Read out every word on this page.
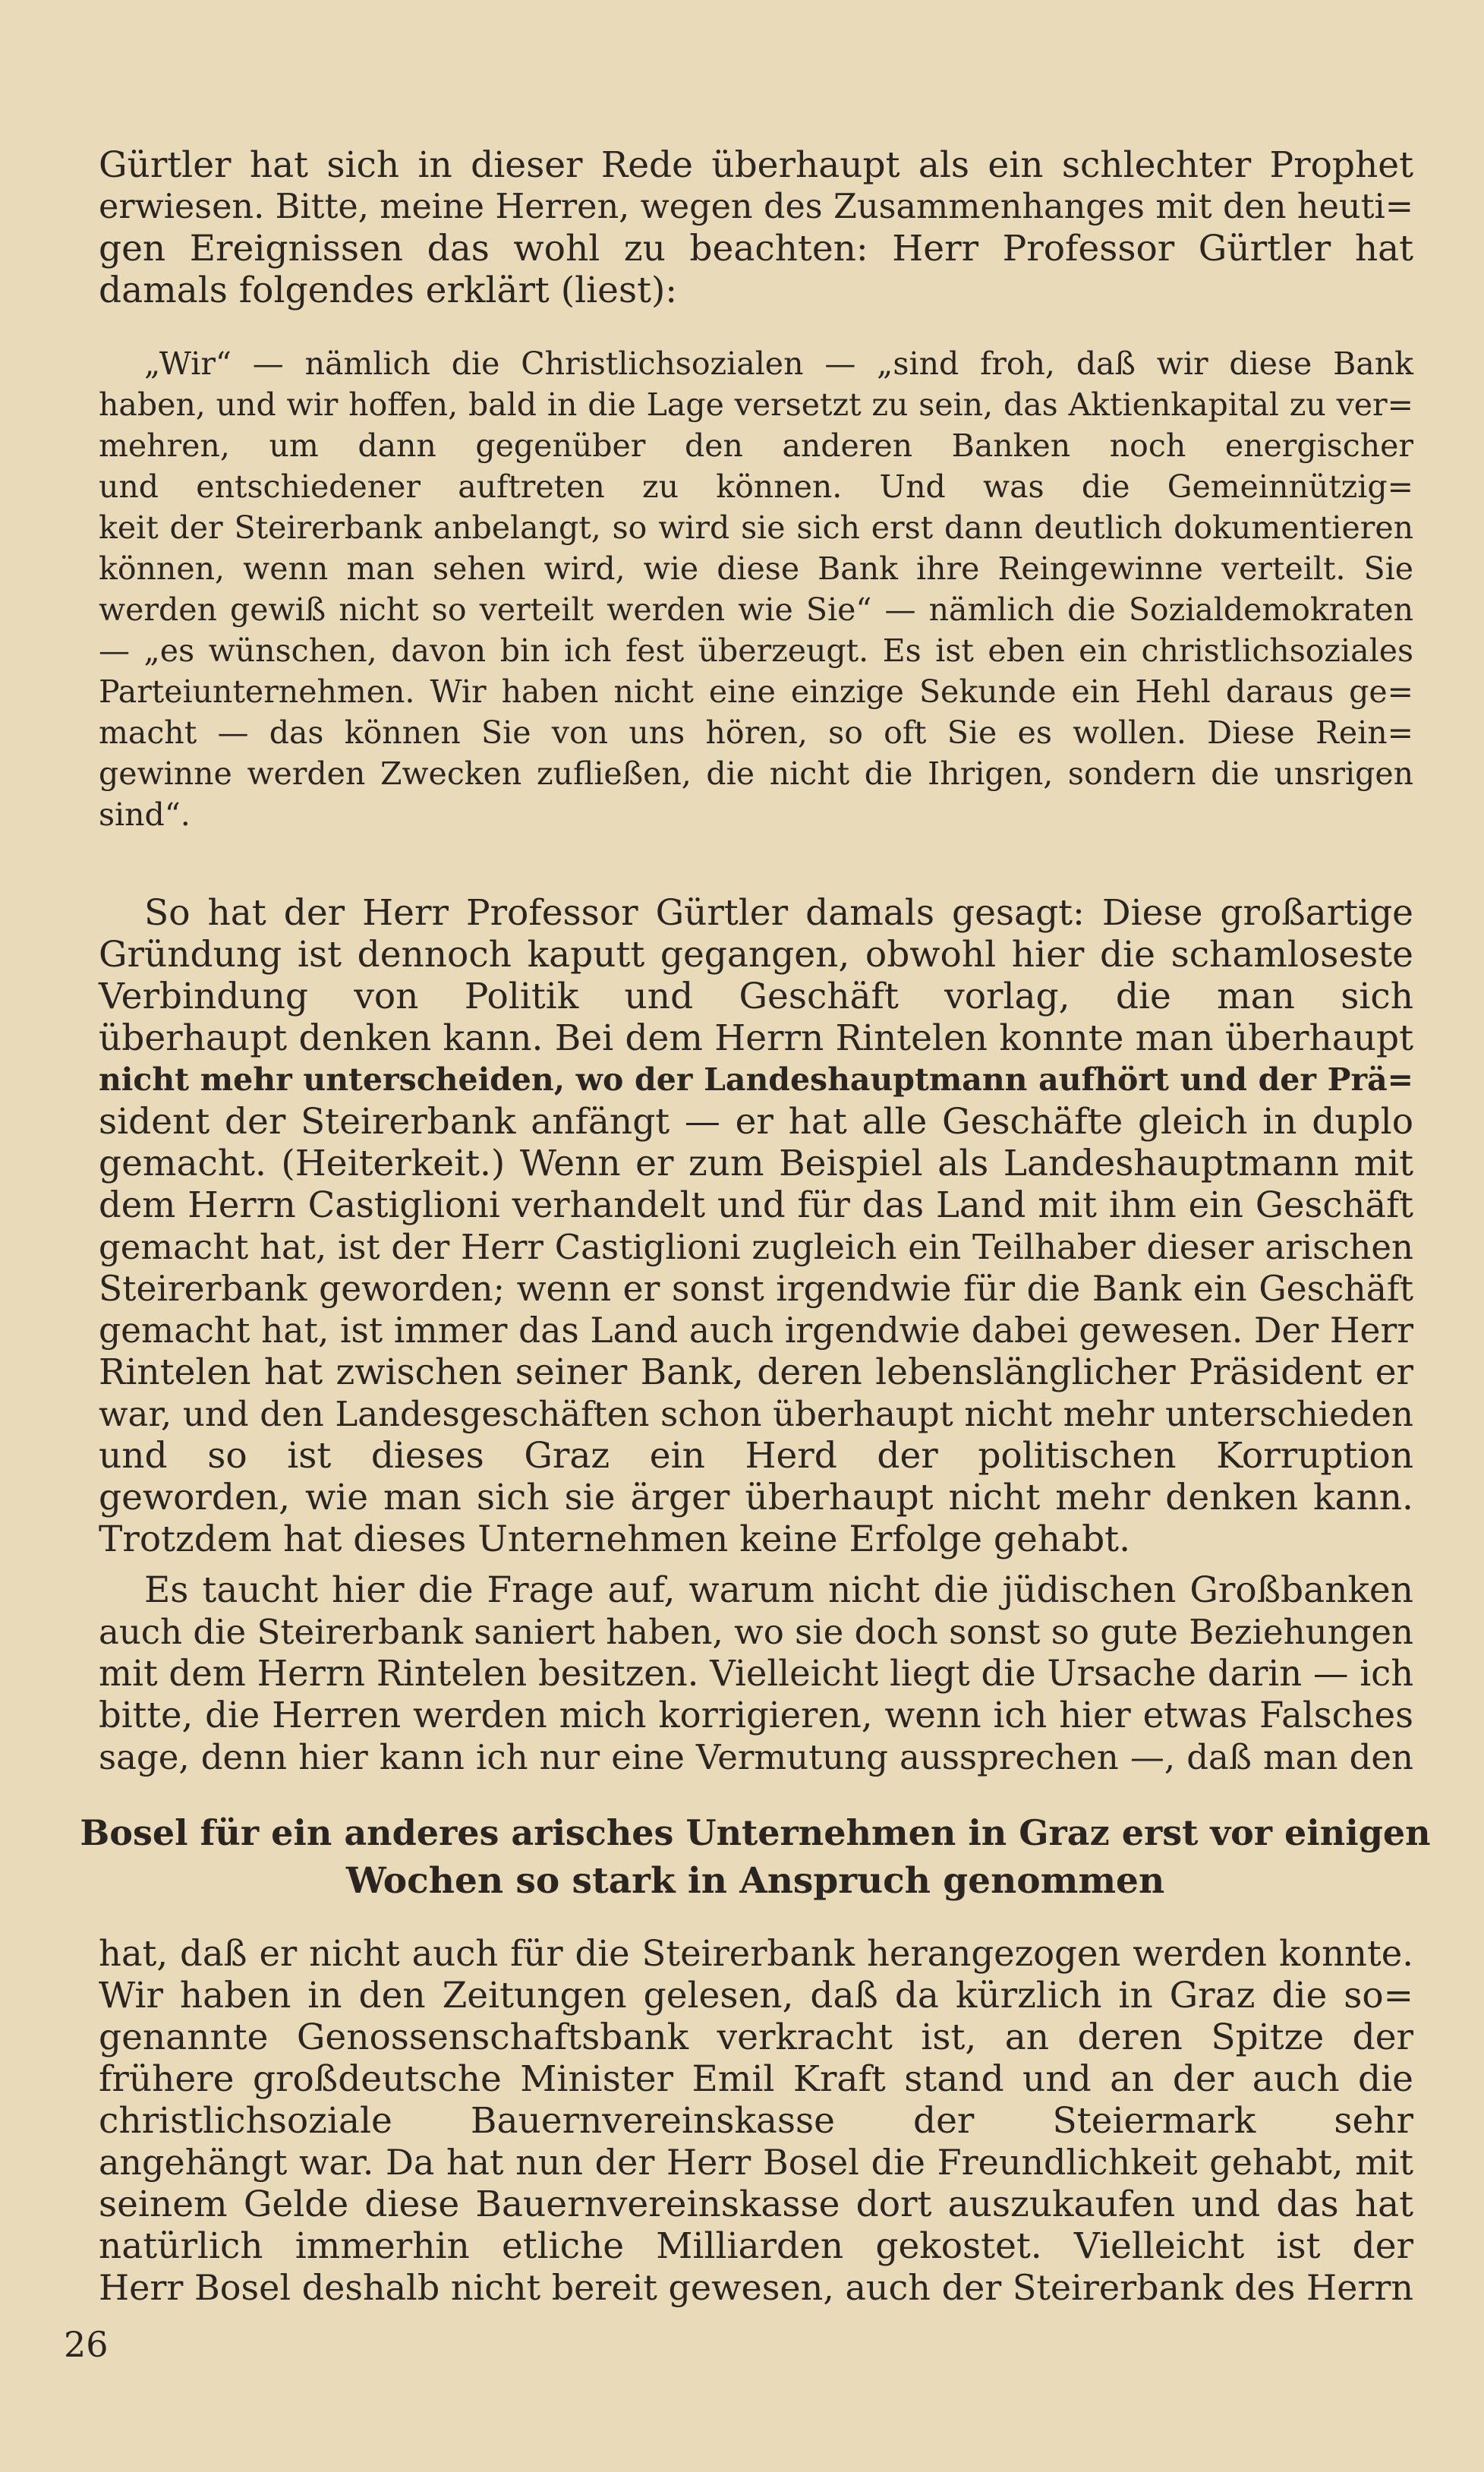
Gürtler hat sich in dieser Rede überhaupt als ein schlechter Prophet

erwiesen. Bitte, meine Herren, wegen des Zusammenhanges mit den heuti=

gen Ereignissen das wohl zu beachten: Herr Professor Gürtler hat

damals folgendes erklärt (liest):

„Wir“ — nämlich die Christlichsozialen — „sind froh, daß wir diese Bank

haben, und wir hoffen, bald in die Lage versetzt zu sein, das Aktienkapital zu ver=

mehren, um dann gegenüber den anderen Banken noch energischer

und entschiedener auftreten zu können. Und was die Gemeinnützig=

keit der Steirerbank anbelangt, so wird sie sich erst dann deutlich dokumentieren

können, wenn man sehen wird, wie diese Bank ihre Reingewinne verteilt. Sie

werden gewiß nicht so verteilt werden wie Sie“ — nämlich die Sozialdemokraten

— „es wünschen, davon bin ich fest überzeugt. Es ist eben ein christlichsoziales

Parteiunternehmen. Wir haben nicht eine einzige Sekunde ein Hehl daraus ge=

macht — das können Sie von uns hören, so oft Sie es wollen. Diese Rein=

gewinne werden Zwecken zufließen, die nicht die Ihrigen, sondern die unsrigen

sind“.

So hat der Herr Professor Gürtler damals gesagt: Diese großartige

Gründung ist dennoch kaputt gegangen, obwohl hier die schamloseste

Verbindung von Politik und Geschäft vorlag, die man sich

überhaupt denken kann. Bei dem Herrn Rintelen konnte man überhaupt

nicht mehr unterscheiden, wo der Landeshauptmann aufhört und der Prä=

sident der Steirerbank anfängt — er hat alle Geschäfte gleich in duplo

gemacht. (Heiterkeit.) Wenn er zum Beispiel als Landeshauptmann mit

dem Herrn Castiglioni verhandelt und für das Land mit ihm ein Geschäft

gemacht hat, ist der Herr Castiglioni zugleich ein Teilhaber dieser arischen

Steirerbank geworden; wenn er sonst irgendwie für die Bank ein Geschäft

gemacht hat, ist immer das Land auch irgendwie dabei gewesen. Der Herr

Rintelen hat zwischen seiner Bank, deren lebenslänglicher Präsident er

war, und den Landesgeschäften schon überhaupt nicht mehr unterschieden

und so ist dieses Graz ein Herd der politischen Korruption

geworden, wie man sich sie ärger überhaupt nicht mehr denken kann.

Trotzdem hat dieses Unternehmen keine Erfolge gehabt.

Es taucht hier die Frage auf, warum nicht die jüdischen Großbanken

auch die Steirerbank saniert haben, wo sie doch sonst so gute Beziehungen

mit dem Herrn Rintelen besitzen. Vielleicht liegt die Ursache darin — ich

bitte, die Herren werden mich korrigieren, wenn ich hier etwas Falsches

sage, denn hier kann ich nur eine Vermutung aussprechen —, daß man den

Bosel für ein anderes arisches Unternehmen in Graz erst vor einigen

Wochen so stark in Anspruch genommen

hat, daß er nicht auch für die Steirerbank herangezogen werden konnte.

Wir haben in den Zeitungen gelesen, daß da kürzlich in Graz die so=

genannte Genossenschaftsbank verkracht ist, an deren Spitze der

frühere großdeutsche Minister Emil Kraft stand und an der auch die

christlichsoziale Bauernvereinskasse der Steiermark sehr

angehängt war. Da hat nun der Herr Bosel die Freundlichkeit gehabt, mit

seinem Gelde diese Bauernvereinskasse dort auszukaufen und das hat

natürlich immerhin etliche Milliarden gekostet. Vielleicht ist der

Herr Bosel deshalb nicht bereit gewesen, auch der Steirerbank des Herrn

26
